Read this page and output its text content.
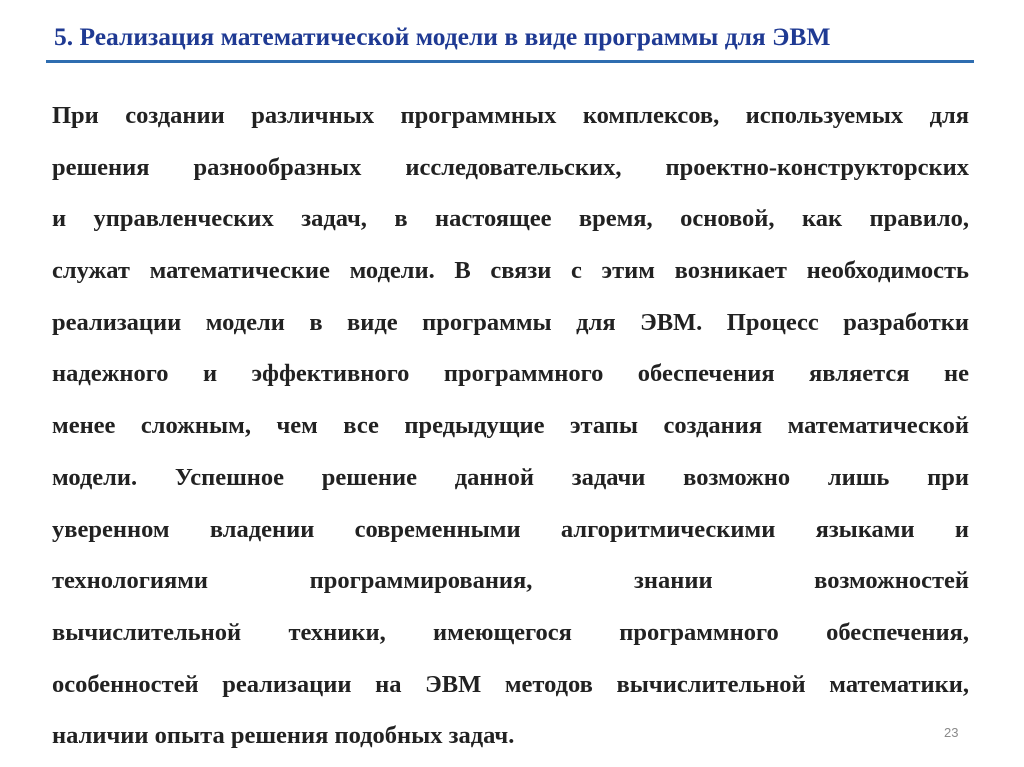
5. Реализация математической модели в виде программы для ЭВМ
При создании различных программных комплексов, используемых для
решения разнообразных исследовательских, проектно-конструкторских
и управленческих задач, в настоящее время, основой, как правило,
служат математические модели. В связи с этим возникает необходимость
реализации модели в виде программы для ЭВМ. Процесс разработки
надежного и эффективного программного обеспечения является не
менее сложным, чем все предыдущие этапы создания математической
модели. Успешное решение данной задачи возможно лишь при
уверенном владении современными алгоритмическими языками и
технологиями программирования, знании возможностей
вычислительной техники, имеющегося программного обеспечения,
особенностей реализации на ЭВМ методов вычислительной математики,
наличии опыта решения подобных задач.	23
